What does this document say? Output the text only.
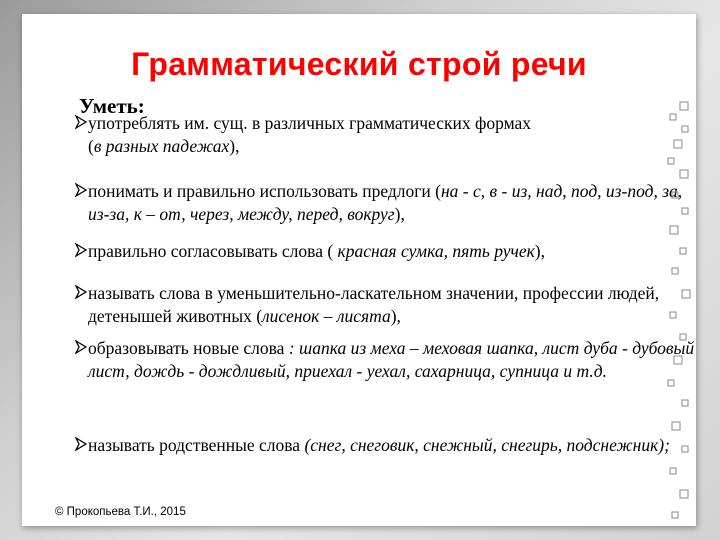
Грамматический строй речи
Уметь:
употреблять им. сущ. в различных грамматических формах
(в разных падежах),
понимать и правильно использовать предлоги (на - с, в - из, над, под, из-под, за, из-за, к – от, через, между, перед, вокруг),
правильно согласовывать слова ( красная сумка, пять ручек),
называть слова в уменьшительно-ласкательном значении, профессии людей, детенышей животных (лисенок – лисята),
образовывать новые слова : шапка из меха – меховая шапка, лист дуба - дубовый лист, дождь - дождливый, приехал - уехал, сахарница, супница и т.д.
называть родственные слова (снег, снеговик, снежный, снегирь, подснежник);
© Прокопьева Т.И., 2015
